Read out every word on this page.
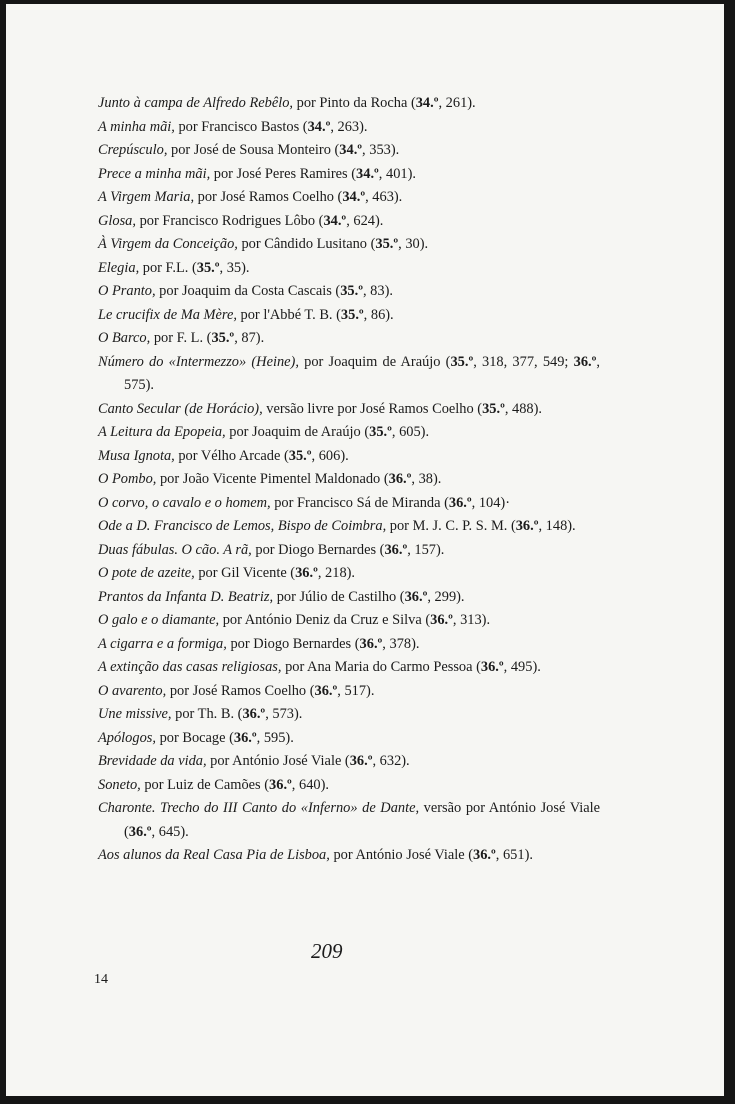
Junto à campa de Alfredo Rebêlo, por Pinto da Rocha (34.º, 261).
A minha mãi, por Francisco Bastos (34.º, 263).
Crepúsculo, por José de Sousa Monteiro (34.º, 353).
Prece a minha mãi, por José Peres Ramires (34.º, 401).
A Virgem Maria, por José Ramos Coelho (34.º, 463).
Glosa, por Francisco Rodrigues Lôbo (34.º, 624).
À Virgem da Conceição, por Cândido Lusitano (35.º, 30).
Elegia, por F.L. (35.º, 35).
O Pranto, por Joaquim da Costa Cascais (35.º, 83).
Le crucifix de Ma Mère, por l'Abbé T. B. (35.º, 86).
O Barco, por F. L. (35.º, 87).
Número do «Intermezzo» (Heine), por Joaquim de Araújo (35.º, 318, 377, 549; 36.º, 575).
Canto Secular (de Horácio), versão livre por José Ramos Coelho (35.º, 488).
A Leitura da Epopeia, por Joaquim de Araújo (35.º, 605).
Musa Ignota, por Vélho Arcade (35.º, 606).
O Pombo, por João Vicente Pimentel Maldonado (36.º, 38).
O corvo, o cavalo e o homem, por Francisco Sá de Miranda (36.º, 104)·
Ode a D. Francisco de Lemos, Bispo de Coimbra, por M. J. C. P. S. M. (36.º, 148).
Duas fábulas. O cão. A rã, por Diogo Bernardes (36.º, 157).
O pote de azeite, por Gil Vicente (36.º, 218).
Prantos da Infanta D. Beatriz, por Júlio de Castilho (36.º, 299).
O galo e o diamante, por António Deniz da Cruz e Silva (36.º, 313).
A cigarra e a formiga, por Diogo Bernardes (36.º, 378).
A extinção das casas religiosas, por Ana Maria do Carmo Pessoa (36.º, 495).
O avarento, por José Ramos Coelho (36.º, 517).
Une missive, por Th. B. (36.º, 573).
Apólogos, por Bocage (36.º, 595).
Brevidade da vida, por António José Viale (36.º, 632).
Soneto, por Luiz de Camões (36.º, 640).
Charonte. Trecho do III Canto do «Inferno» de Dante, versão por António José Viale (36.º, 645).
Aos alunos da Real Casa Pia de Lisboa, por António José Viale (36.º, 651).
209
14
